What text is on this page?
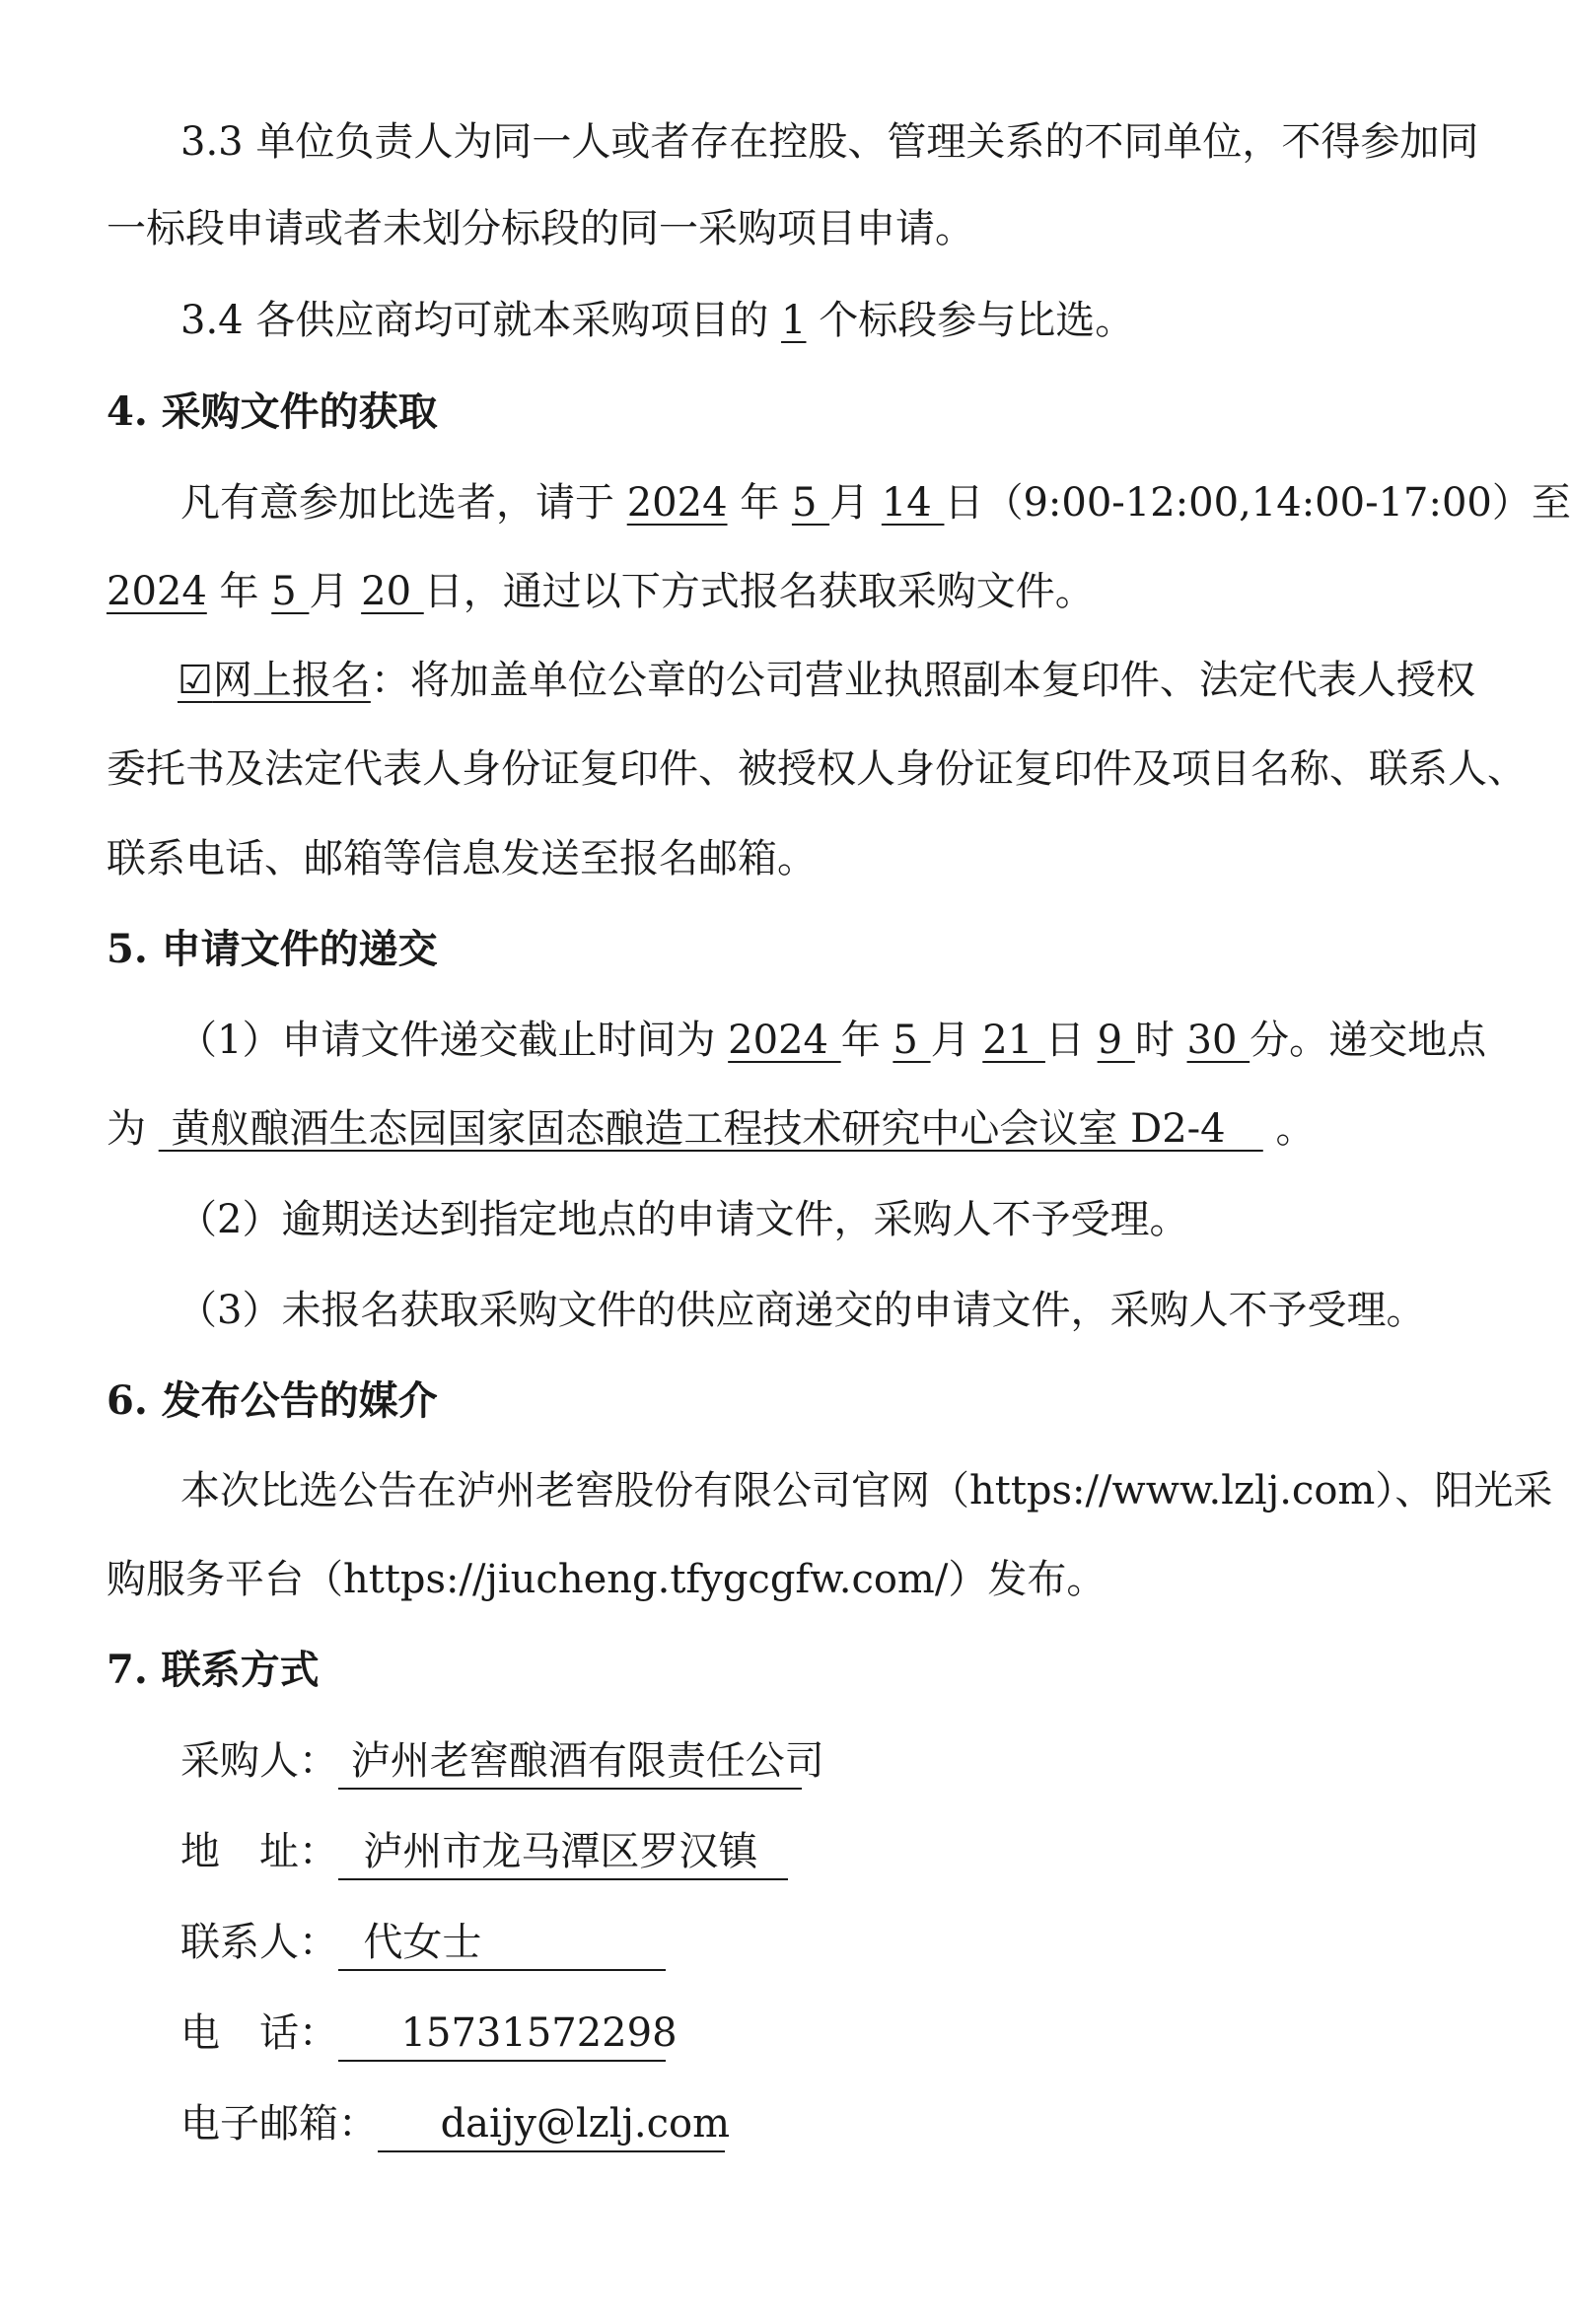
3.3 单位负责人为同一人或者存在控股、管理关系的不同单位，不得参加同
一标段申请或者未划分标段的同一采购项目申请。
3.4 各供应商均可就本采购项目的 1 个标段参与比选。
4. 采购文件的获取
凡有意参加比选者，请于 2024 年 5 月 14 日（9:00-12:00,14:00-17:00）至
2024 年 5 月 20 日，通过以下方式报名获取采购文件。
☑网上报名：将加盖单位公章的公司营业执照副本复印件、法定代表人授权
委托书及法定代表人身份证复印件、被授权人身份证复印件及项目名称、联系人、
联系电话、邮箱等信息发送至报名邮箱。
5. 申请文件的递交
（1）申请文件递交截止时间为 2024 年 5 月 21 日 9 时 30 分。递交地点
为  黄舣酿酒生态园国家固态酿造工程技术研究中心会议室 D2-4    。
（2）逾期送达到指定地点的申请文件，采购人不予受理。
（3）未报名获取采购文件的供应商递交的申请文件，采购人不予受理。
6. 发布公告的媒介
本次比选公告在泸州老窖股份有限公司官网（https://www.lzlj.com）、阳光采
购服务平台（https://jiucheng.tfygcgfw.com/）发布。
7. 联系方式
采购人： 泸州老窖酿酒有限责任公司
地　址：  泸州市龙马潭区罗汉镇
联系人：  代女士
电　话：     15731572298
电子邮箱：     daijy@lzlj.com
